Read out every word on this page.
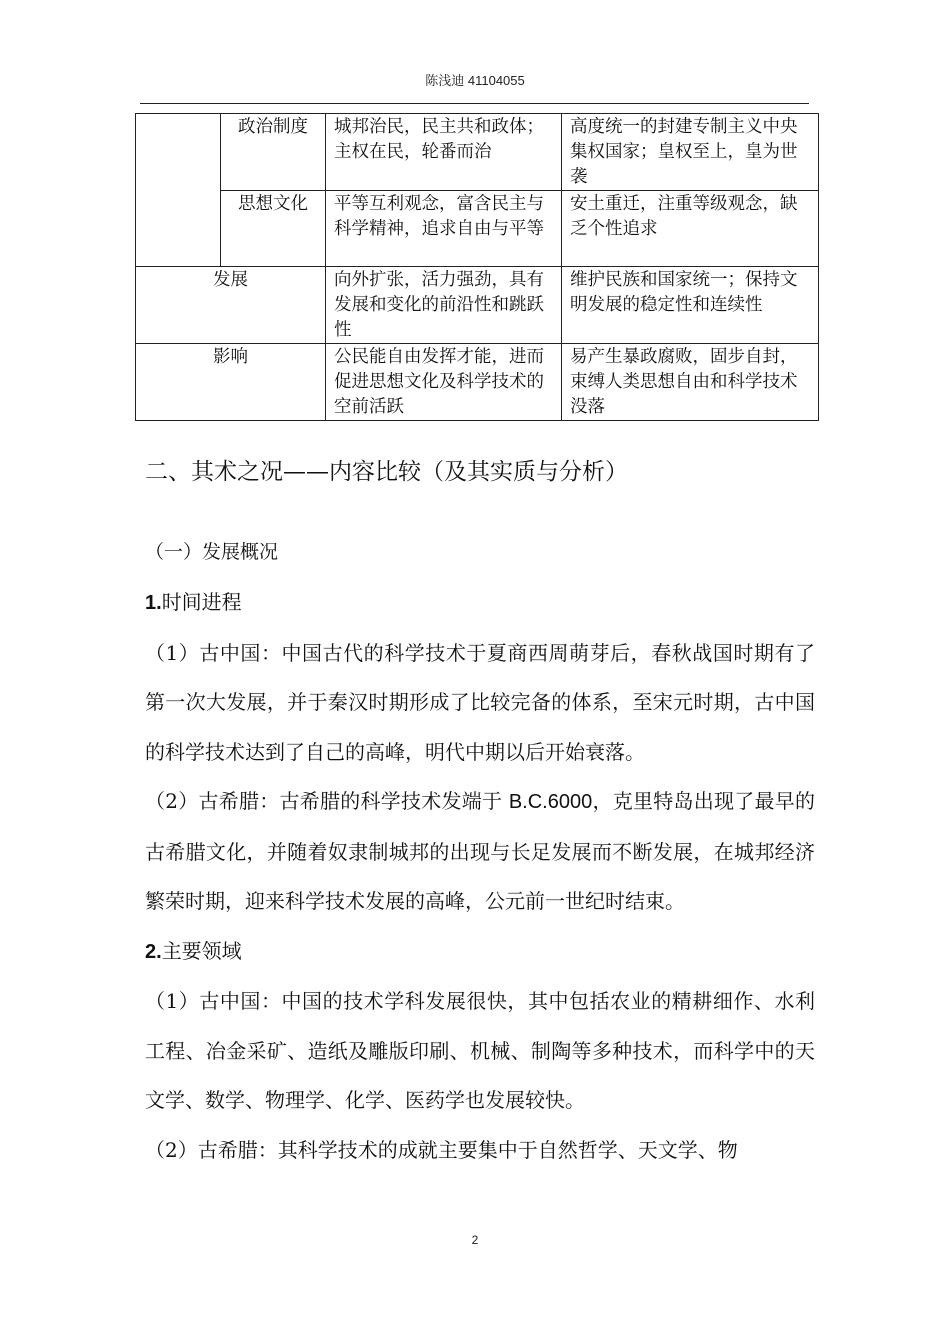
陈浅迪 41104055
	政治制度	城邦治民，民主共和政体；主权在民，轮番而治	高度统一的封建专制主义中央集权国家；皇权至上，皇为世袭
	思想文化	平等互利观念，富含民主与科学精神，追求自由与平等	安土重迁，注重等级观念，缺乏个性追求
发展		向外扩张，活力强劲，具有发展和变化的前沿性和跳跃性	维护民族和国家统一；保持文明发展的稳定性和连续性
影响		公民能自由发挥才能，进而促进思想文化及科学技术的空前活跃	易产生暴政腐败，固步自封，束缚人类思想自由和科学技术没落
二、其术之况——内容比较（及其实质与分析）
（一）发展概况
1.时间进程
（1）古中国：中国古代的科学技术于夏商西周萌芽后，春秋战国时期有了第一次大发展，并于秦汉时期形成了比较完备的体系，至宋元时期，古中国的科学技术达到了自己的高峰，明代中期以后开始衰落。
（2）古希腊：古希腊的科学技术发端于 B.C.6000，克里特岛出现了最早的古希腊文化，并随着奴隶制城邦的出现与长足发展而不断发展，在城邦经济繁荣时期，迎来科学技术发展的高峰，公元前一世纪时结束。
2.主要领域
（1）古中国：中国的技术学科发展很快，其中包括农业的精耕细作、水利工程、冶金采矿、造纸及雕版印刷、机械、制陶等多种技术，而科学中的天文学、数学、物理学、化学、医药学也发展较快。
（2）古希腊：其科学技术的成就主要集中于自然哲学、天文学、物
2
